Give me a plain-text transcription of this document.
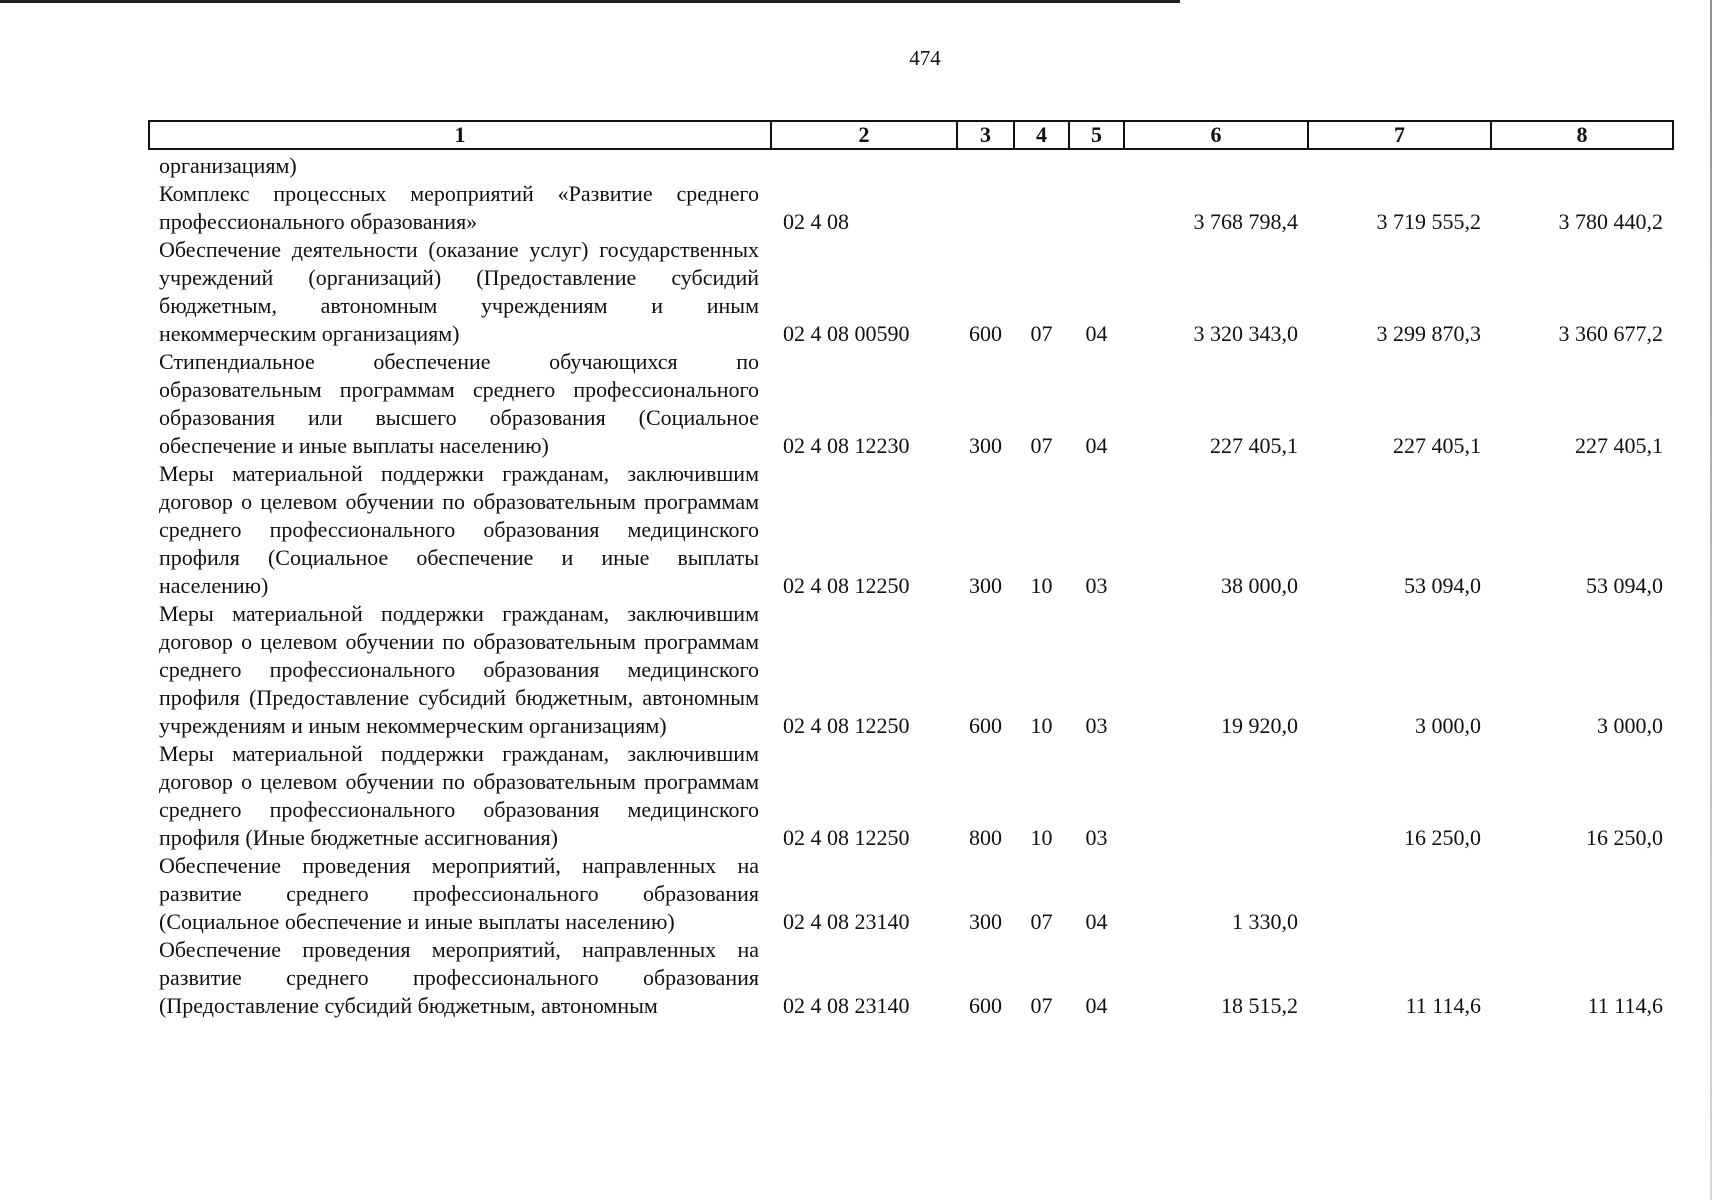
474
1	2	3	4	5	6	7	8
организациям)							
Комплекс процессных мероприятий «Развитие среднего профессионального образования»	02 4 08				3 768 798,4	3 719 555,2	3 780 440,2
Обеспечение деятельности (оказание услуг) государственных учреждений (организаций) (Предоставление субсидий бюджетным, автономным учреждениям и иным некоммерческим организациям)	02 4 08 00590	600	07	04	3 320 343,0	3 299 870,3	3 360 677,2
Стипендиальное обеспечение обучающихся по образовательным программам среднего профессионального образования или высшего образования (Социальное обеспечение и иные выплаты населению)	02 4 08 12230	300	07	04	227 405,1	227 405,1	227 405,1
Меры материальной поддержки гражданам, заключившим договор о целевом обучении по образовательным программам среднего профессионального образования медицинского профиля (Социальное обеспечение и иные выплаты населению)	02 4 08 12250	300	10	03	38 000,0	53 094,0	53 094,0
Меры материальной поддержки гражданам, заключившим договор о целевом обучении по образовательным программам среднего профессионального образования медицинского профиля (Предоставление субсидий бюджетным, автономным учреждениям и иным некоммерческим организациям)	02 4 08 12250	600	10	03	19 920,0	3 000,0	3 000,0
Меры материальной поддержки гражданам, заключившим договор о целевом обучении по образовательным программам среднего профессионального образования медицинского профиля (Иные бюджетные ассигнования)	02 4 08 12250	800	10	03		16 250,0	16 250,0
Обеспечение проведения мероприятий, направленных на развитие среднего профессионального образования (Социальное обеспечение и иные выплаты населению)	02 4 08 23140	300	07	04	1 330,0		
Обеспечение проведения мероприятий, направленных на развитие среднего профессионального образования (Предоставление субсидий бюджетным, автономным	02 4 08 23140	600	07	04	18 515,2	11 114,6	11 114,6
